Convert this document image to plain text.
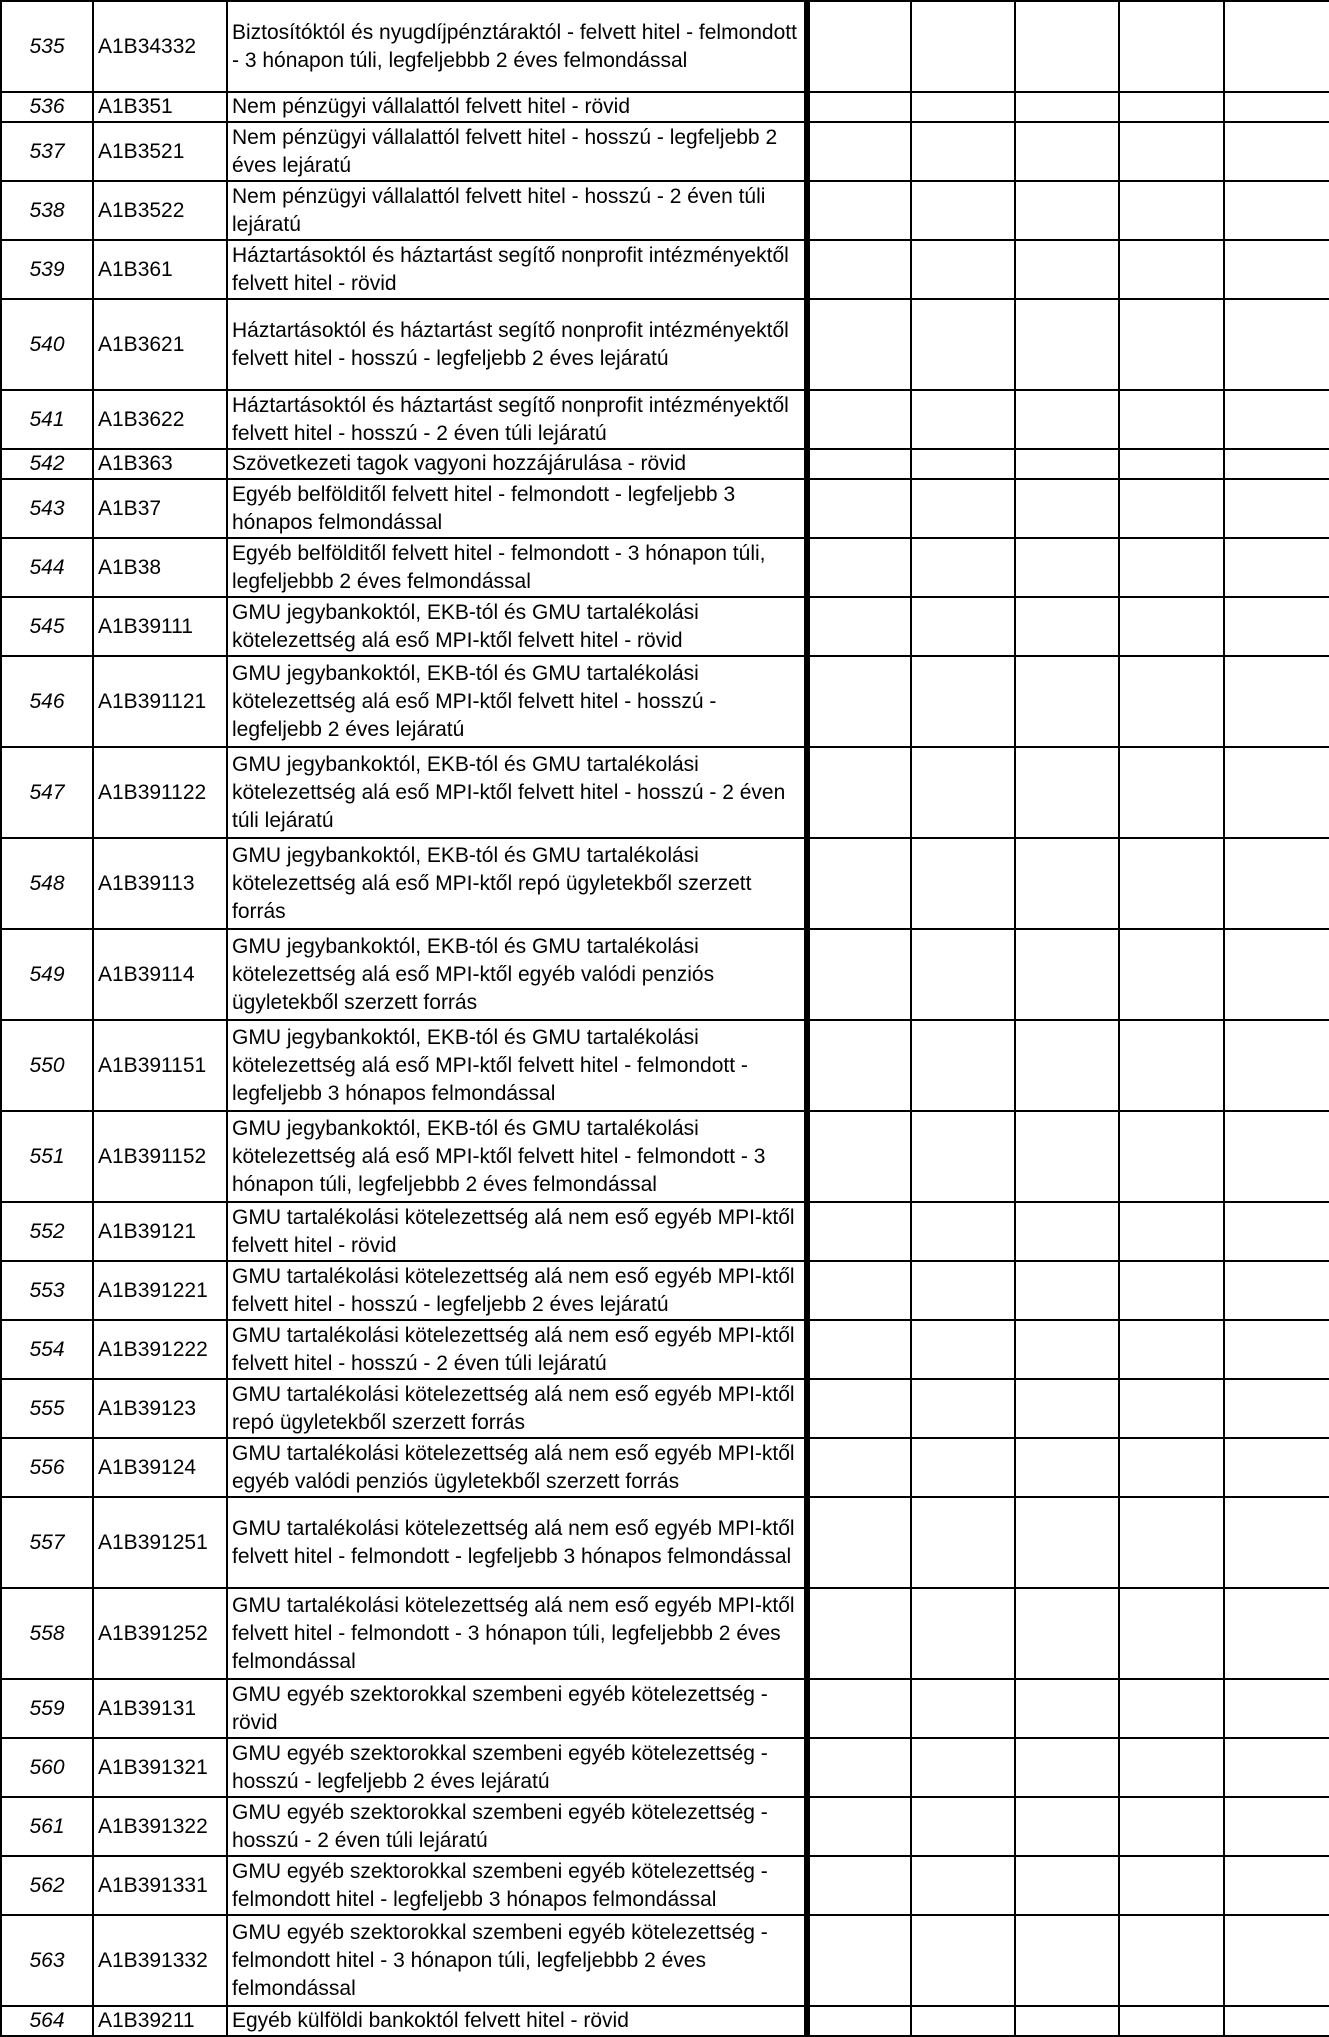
535	A1B34332	Biztosítóktól és nyugdíjpénztáraktól - felvett hitel - felmondott - 3 hónapon túli, legfeljebbb 2 éves felmondással					
536	A1B351	Nem pénzügyi vállalattól felvett hitel - rövid					
537	A1B3521	Nem pénzügyi vállalattól felvett hitel - hosszú - legfeljebb 2 éves lejáratú					
538	A1B3522	Nem pénzügyi vállalattól felvett hitel - hosszú - 2 éven túli lejáratú					
539	A1B361	Háztartásoktól és háztartást segítő nonprofit intézményektől felvett hitel - rövid					
540	A1B3621	Háztartásoktól és háztartást segítő nonprofit intézményektől felvett hitel - hosszú - legfeljebb 2 éves lejáratú					
541	A1B3622	Háztartásoktól és háztartást segítő nonprofit intézményektől felvett hitel - hosszú - 2 éven túli lejáratú					
542	A1B363	Szövetkezeti tagok vagyoni hozzájárulása - rövid					
543	A1B37	Egyéb belfölditől felvett hitel - felmondott - legfeljebb 3 hónapos felmondással					
544	A1B38	Egyéb belfölditől felvett hitel - felmondott - 3 hónapon túli, legfeljebbb 2 éves felmondással					
545	A1B39111	GMU jegybankoktól, EKB-tól és GMU tartalékolási kötelezettség alá eső MPI-ktől felvett hitel - rövid					
546	A1B391121	GMU jegybankoktól, EKB-tól és GMU tartalékolási kötelezettség alá eső MPI-ktől felvett hitel - hosszú - legfeljebb 2 éves lejáratú					
547	A1B391122	GMU jegybankoktól, EKB-tól és GMU tartalékolási kötelezettség alá eső MPI-ktől felvett hitel - hosszú - 2 éven túli lejáratú					
548	A1B39113	GMU jegybankoktól, EKB-tól és GMU tartalékolási kötelezettség alá eső MPI-ktől repó ügyletekből szerzett forrás					
549	A1B39114	GMU jegybankoktól, EKB-tól és GMU tartalékolási kötelezettség alá eső MPI-ktől egyéb valódi penziós ügyletekből szerzett forrás					
550	A1B391151	GMU jegybankoktól, EKB-tól és GMU tartalékolási kötelezettség alá eső MPI-ktől felvett hitel - felmondott - legfeljebb 3 hónapos felmondással					
551	A1B391152	GMU jegybankoktól, EKB-tól és GMU tartalékolási kötelezettség alá eső MPI-ktől felvett hitel - felmondott - 3 hónapon túli, legfeljebbb 2 éves felmondással					
552	A1B39121	GMU tartalékolási kötelezettség alá nem eső egyéb MPI-ktől felvett hitel - rövid					
553	A1B391221	GMU tartalékolási kötelezettség alá nem eső egyéb MPI-ktől felvett hitel - hosszú - legfeljebb 2 éves lejáratú					
554	A1B391222	GMU tartalékolási kötelezettség alá nem eső egyéb MPI-ktől felvett hitel - hosszú - 2 éven túli lejáratú					
555	A1B39123	GMU tartalékolási kötelezettség alá nem eső egyéb MPI-ktől repó ügyletekből szerzett forrás					
556	A1B39124	GMU tartalékolási kötelezettség alá nem eső egyéb MPI-ktől egyéb valódi penziós ügyletekből szerzett forrás					
557	A1B391251	GMU tartalékolási kötelezettség alá nem eső egyéb MPI-ktől felvett hitel - felmondott - legfeljebb 3 hónapos felmondással					
558	A1B391252	GMU tartalékolási kötelezettség alá nem eső egyéb MPI-ktől felvett hitel - felmondott - 3 hónapon túli, legfeljebbb 2 éves felmondással					
559	A1B39131	GMU egyéb szektorokkal szembeni egyéb kötelezettség - rövid					
560	A1B391321	GMU egyéb szektorokkal szembeni egyéb kötelezettség - hosszú - legfeljebb 2 éves lejáratú					
561	A1B391322	GMU egyéb szektorokkal szembeni egyéb kötelezettség - hosszú - 2 éven túli lejáratú					
562	A1B391331	GMU egyéb szektorokkal szembeni egyéb kötelezettség - felmondott hitel - legfeljebb 3 hónapos felmondással					
563	A1B391332	GMU egyéb szektorokkal szembeni egyéb kötelezettség - felmondott hitel - 3 hónapon túli, legfeljebbb 2 éves felmondással					
564	A1B39211	Egyéb külföldi bankoktól felvett hitel - rövid					
